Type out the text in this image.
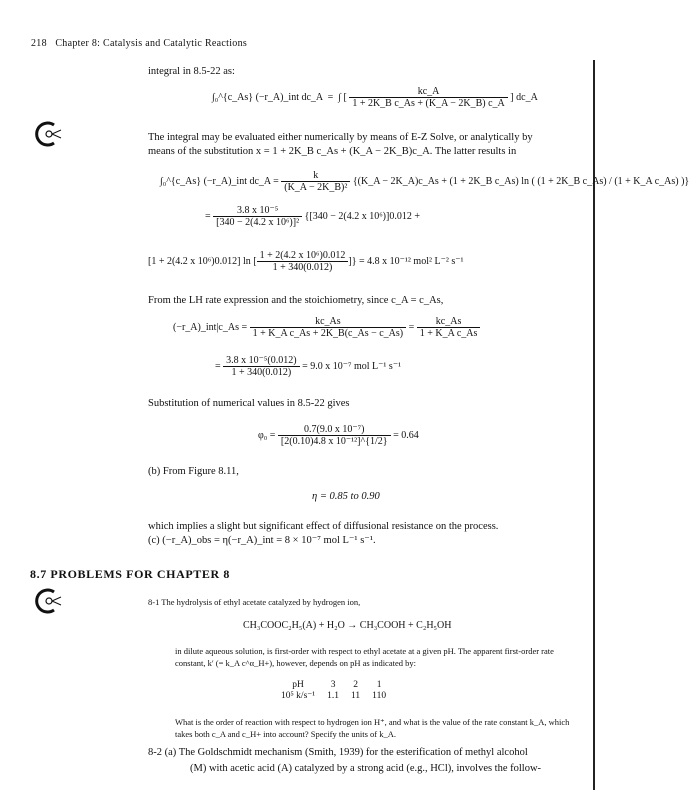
218 Chapter 8: Catalysis and Catalytic Reactions
integral in 8.5-22 as:
∫₀^{c_As} (−r_A)_int dc_A  =  ∫ [ $\frac{kc\_A}{\text{1 + 2K\_B c\_As + (K\_A − 2K\_B) c\_A}}$ ] dc_A
The integral may be evaluated either numerically by means of E-Z Solve, or analytically by means of the substitution x = 1 + 2K_B c_As + (K_A − 2K_B)c_A. The latter results in
∫₀^{c_As} (−r_A)_int dc_A = $\frac{k}{\text{(K\_A − 2K\_B)²}}$ {(K_A − 2K_A)c_As + (1 + 2K_B c_As) ln ( (1 + 2K_B c_As) / (1 + K_A c_As) )}
= $\frac{\text{3.8 x 10⁻⁵}}{\text{[340 − 2(4.2 x 10⁶)]²}} \{[340 - 2(4.2$ x 10⁶)]0.012 +
[1 + 2(4.2 x 10⁶)0.012] ln [ $\frac{\text{1 + 2(4.2 x 10⁶)0.012}}{1 + 340(0.012)}$ ]} = 4.8 x 10⁻¹² mol² L⁻² s⁻¹
From the LH rate expression and the stoichiometry, since c_A = c_As,
(−r_A)_int|c_As = $\frac{kc\_As}{\text{1 + K\_A c\_As + 2K\_B(c\_As − c\_As)}} = \frac{kc\_As}{\text{1 + K\_A c\_As}}$
= $\frac{\text{3.8 x 10⁻⁵(0.012)}}{1 + 340(0.012)} = 9.0$ x 10⁻⁷ mol L⁻¹ s⁻¹
Substitution of numerical values in 8.5-22 gives
$\varphi_0 = \frac{\text{0.7(9.0 x 10⁻⁷)}}{\text{[2(0.10)4.8 x 10⁻¹²]\textasciicircum{}\{1/2\}}} = 0.64$
(b) From Figure 8.11,
η = 0.85 to 0.90
which implies a slight but significant effect of diffusional resistance on the process.
(c) (−r_A)_obs = η(−r_A)_int = 8 × 10⁻⁷ mol L⁻¹ s⁻¹.
8.7 PROBLEMS FOR CHAPTER 8
8-1 The hydrolysis of ethyl acetate catalyzed by hydrogen ion,
CH₃COOC₂H₅(A) + H₂O → CH₃COOH + C₂H₅OH
in dilute aqueous solution, is first-order with respect to ethyl acetate at a given pH. The apparent first-order rate constant, k′ (= k_A c^α_H+), however, depends on pH as indicated by:
pH	3	2	1
10⁵ k/s⁻¹	1.1	11	110
What is the order of reaction with respect to hydrogen ion H⁺, and what is the value of the rate constant k_A, which takes both c_A and c_H+ into account? Specify the units of k_A.
8-2 (a) The Goldschmidt mechanism (Smith, 1939) for the esterification of methyl alcohol
(M) with acetic acid (A) catalyzed by a strong acid (e.g., HCl), involves the follow-
